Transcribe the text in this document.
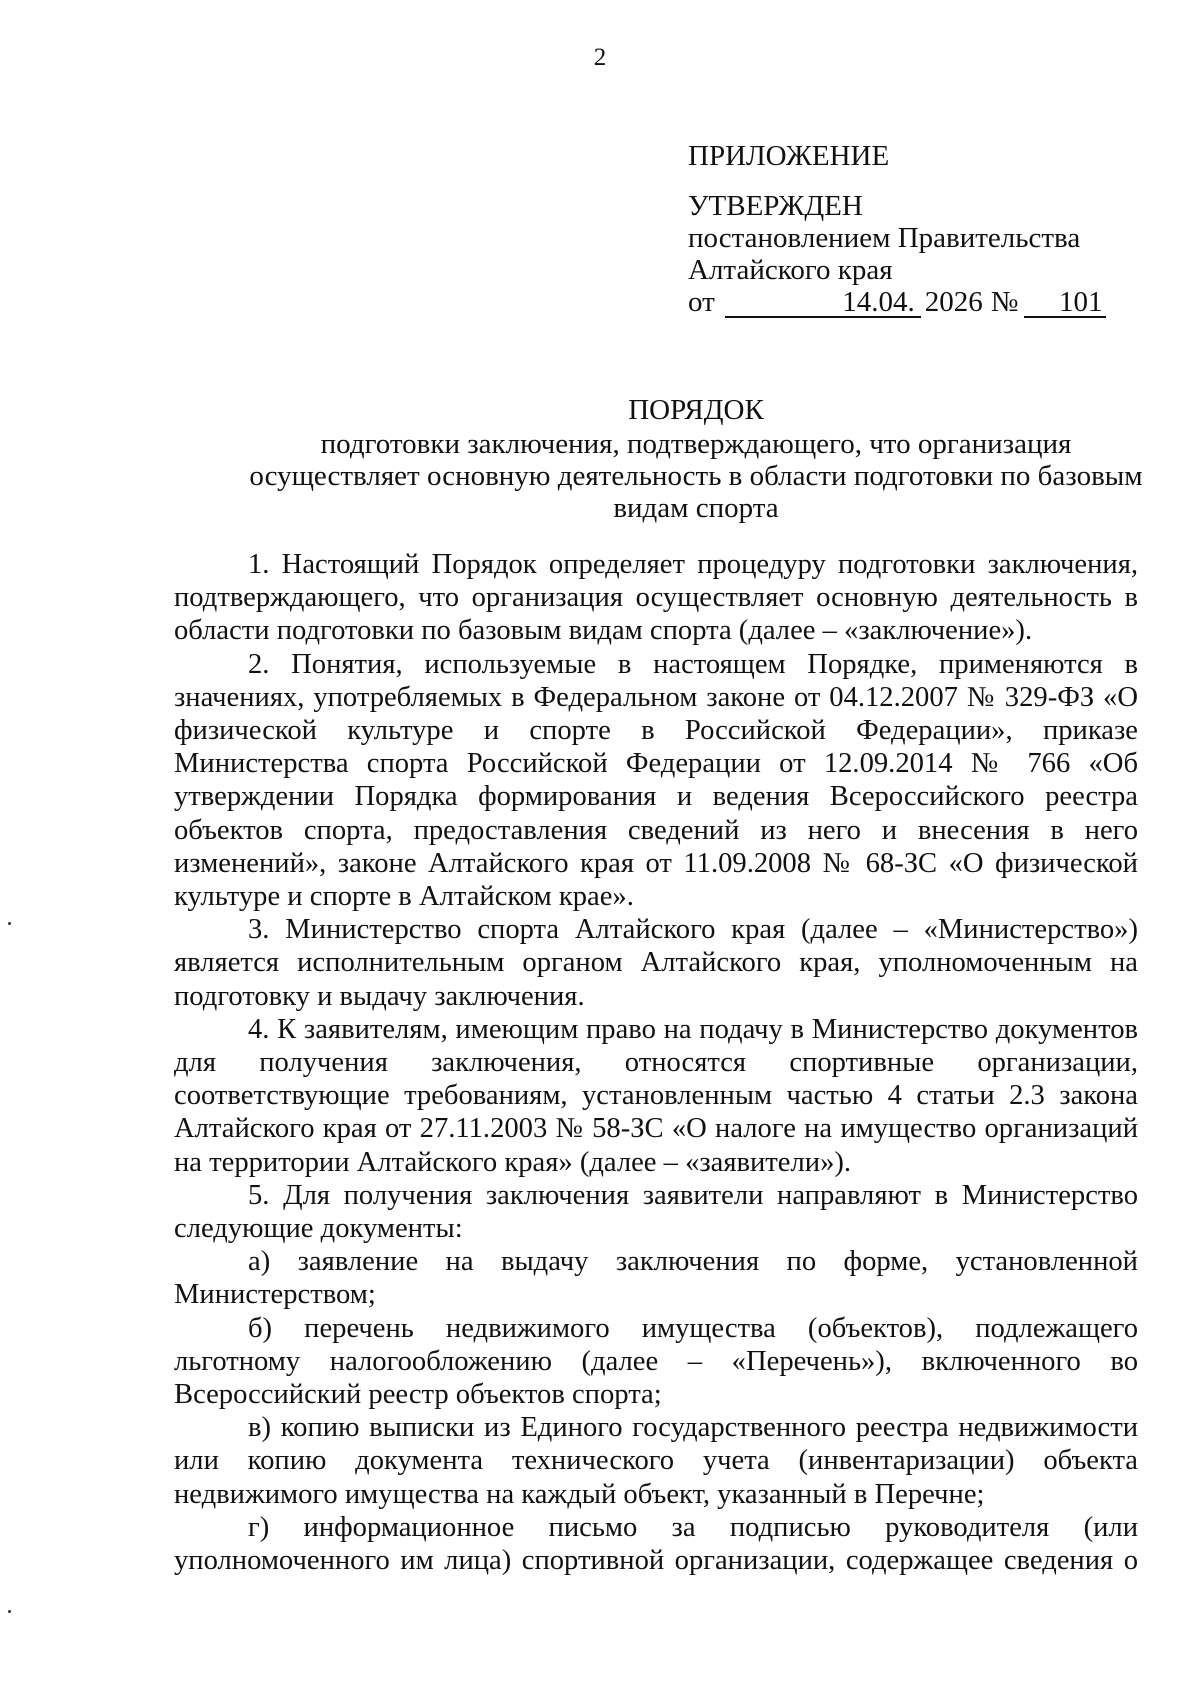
2
ПРИЛОЖЕНИЕ
УТВЕРЖДЕН
постановлением Правительства
Алтайского края
от	14.04. 2026 №	101
ПОРЯДОК
подготовки заключения, подтверждающего, что организация
осуществляет основную деятельность в области подготовки по базовым
видам спорта

1. Настоящий Порядок определяет процедуру подготовки заключения, подтверждающего, что организация осуществляет основную деятельность в области подготовки по базовым видам спорта (далее – «заключение»).

2. Понятия, используемые в настоящем Порядке, применяются в значениях, употребляемых в Федеральном законе от 04.12.2007 № 329-ФЗ «О физической культуре и спорте в Российской Федерации», приказе Министерства спорта Российской Федерации от 12.09.2014 № 766 «Об утверждении Порядка формирования и ведения Всероссийского реестра объектов спорта, предоставления сведений из него и внесения в него изменений», законе Алтайского края от 11.09.2008 № 68-ЗС «О физической культуре и спорте в Алтайском крае».

3. Министерство спорта Алтайского края (далее – «Министерство») является исполнительным органом Алтайского края, уполномоченным на подготовку и выдачу заключения.

4. К заявителям, имеющим право на подачу в Министерство документов для получения заключения, относятся спортивные организации, соответствующие требованиям, установленным частью 4 статьи 2.3 закона Алтайского края от 27.11.2003 № 58-ЗС «О налоге на имущество организаций на территории Алтайского края» (далее – «заявители»).

5. Для получения заключения заявители направляют в Министерство следующие документы:

а) заявление на выдачу заключения по форме, установленной Министерством;

б) перечень недвижимого имущества (объектов), подлежащего льготному налогообложению (далее – «Перечень»), включенного во Всероссийский реестр объектов спорта;

в) копию выписки из Единого государственного реестра недвижимости или копию документа технического учета (инвентаризации) объекта недвижимого имущества на каждый объект, указанный в Перечне;

г) информационное письмо за подписью руководителя (или уполномоченного им лица) спортивной организации, содержащее сведения о
